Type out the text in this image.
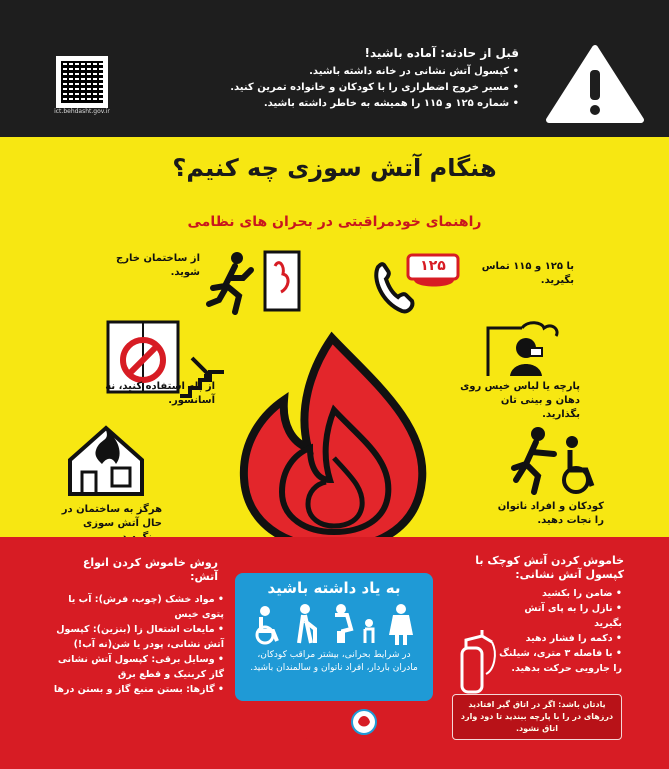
ict.behdasht.gov.ir
قبل از حادثه: آماده باشید!
• کپسول آتش نشانی در خانه داشته باشید.
• مسیر خروج اضطراری را با کودکان و خانواده تمرین کنید.
• شماره ۱۲۵ و ۱۱۵ را همیشه به خاطر داشته باشید.
هنگام آتش سوزی چه کنیم؟
راهنمای خودمراقبتی در بحران های نظامی
از ساختمان خارج شوید.	۱۲۵	با ۱۲۵ و ۱۱۵ تماس بگیرید.
از پله استفاده کنید، نه آسانسور.
پارچه یا لباس خیس روی دهان و بینی تان بگذارید.
هرگز به ساختمان در حال آتش سوزی
کودکان و افراد ناتوان را نجات دهید.
روش خاموش کردن انواع آتش:
• مواد خشک (چوب، فرش): آب یا پتوی خیس
• مایعات اشتعال زا (بنزین): کپسول آتش نشانی، پودر یا شن(نه آب!)
• وسایل برقی: کپسول آتش نشانی گاز کربنیک و قطع برق
• گازها: بستن منبع گاز و بستن درها
به یاد داشته باشید
در شرایط بحرانی، بیشتر مراقب کودکان، مادران باردار، افراد ناتوان و سالمندان باشید.
خاموش کردن آتش کوچک با کپسول آتش نشانی:
• ضامن را بکشید
• نازل را به پای آتش بگیرید
• دکمه را فشار دهید
• با فاصله ۳ متری، شیلنگ را جارویی حرکت بدهید.
یادتان باشد: اگر در اتاق گیر افتادید درزهای در را با پارچه ببندید تا دود وارد اتاق نشود.
